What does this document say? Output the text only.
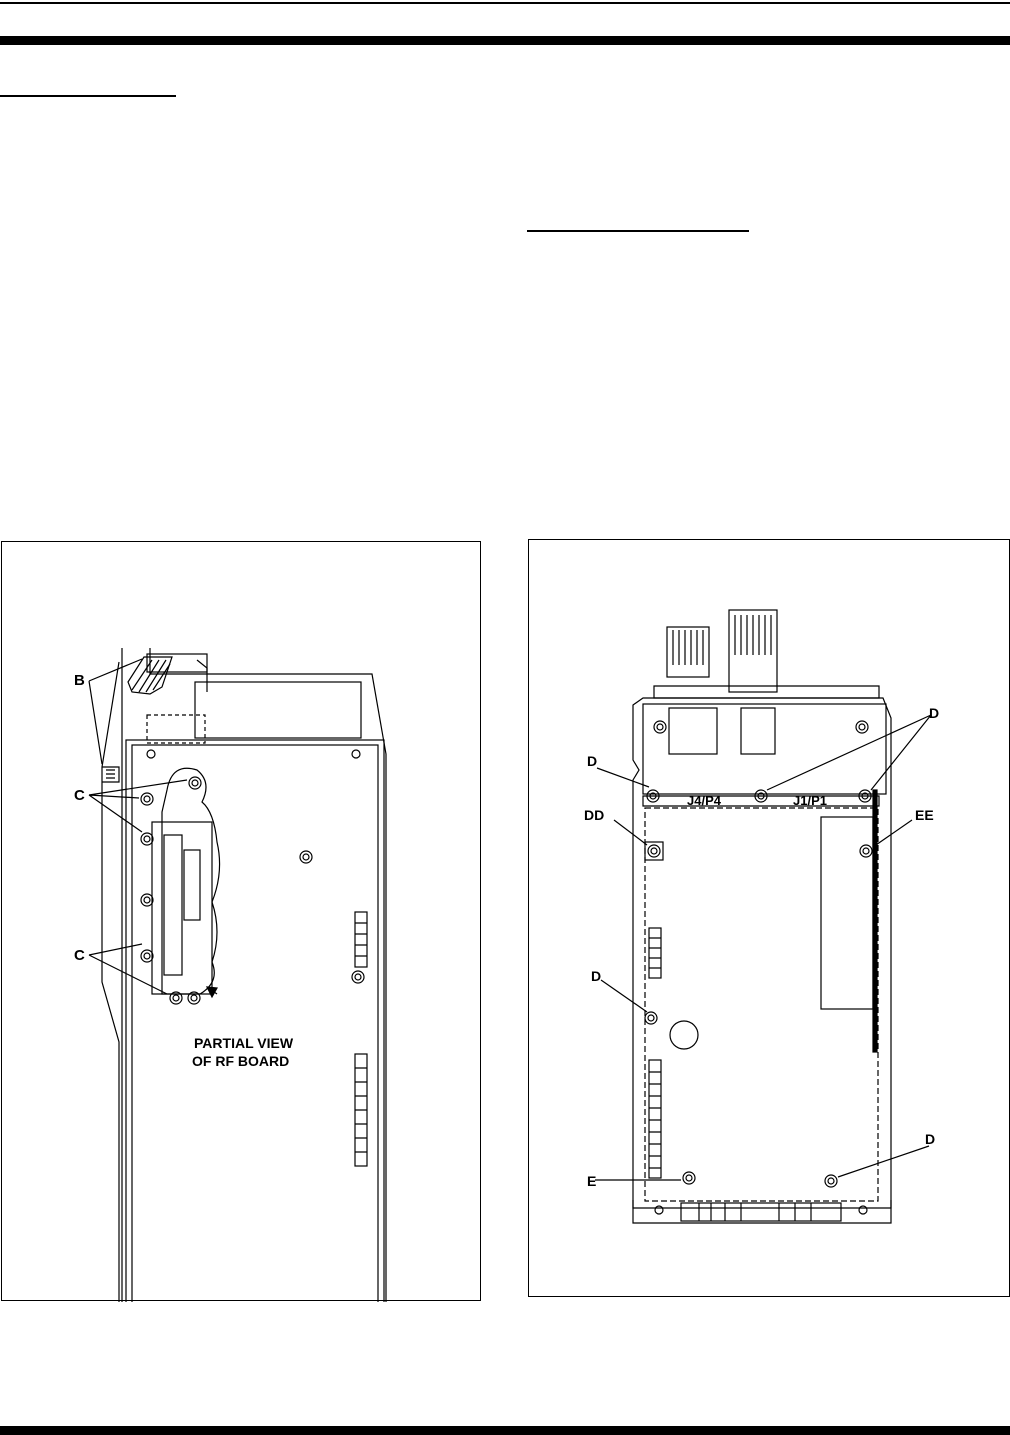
B
C
C
PARTIAL VIEW
OF RF BOARD
D
D
DD	EE
D
E
D
J4/P4	J1/P1
